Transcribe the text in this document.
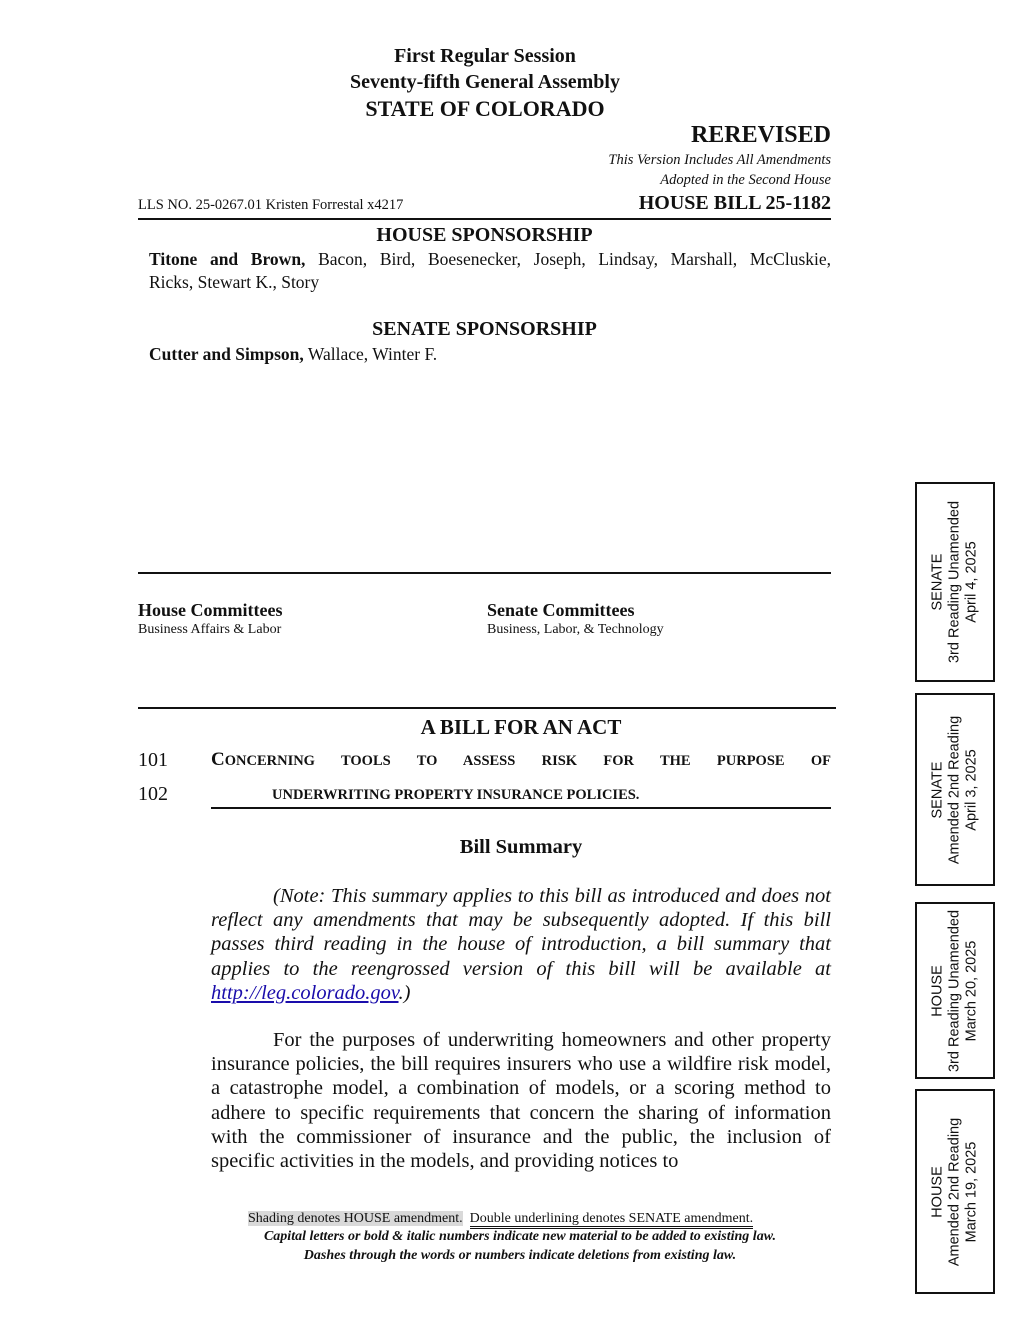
First Regular Session
Seventy-fifth General Assembly
STATE OF COLORADO
REREVISED
This Version Includes All Amendments
Adopted in the Second House
LLS NO. 25-0267.01 Kristen Forrestal x4217	HOUSE BILL 25-1182
HOUSE SPONSORSHIP
Titone and Brown, Bacon, Bird, Boesenecker, Joseph, Lindsay, Marshall, McCluskie,
Ricks, Stewart K., Story
SENATE SPONSORSHIP
Cutter and Simpson, Wallace, Winter F.
House Committees
Business Affairs & Labor
Senate Committees
Business, Labor, & Technology
A BILL FOR AN ACT
101 CONCERNING TOOLS TO ASSESS RISK FOR THE PURPOSE OF
102	UNDERWRITING PROPERTY INSURANCE POLICIES.
Bill Summary

(Note: This summary applies to this bill as introduced and does not reflect any amendments that may be subsequently adopted. If this bill passes third reading in the house of introduction, a bill summary that applies to the reengrossed version of this bill will be available at http://leg.colorado.gov.)

For the purposes of underwriting homeowners and other property insurance policies, the bill requires insurers who use a wildfire risk model, a catastrophe model, a combination of models, or a scoring method to adhere to specific requirements that concern the sharing of information with the commissioner of insurance and the public, the inclusion of specific activities in the models, and providing notices to

Shading denotes HOUSE amendment. Double underlining denotes SENATE amendment.
Capital letters or bold & italic numbers indicate new material to be added to existing law.
Dashes through the words or numbers indicate deletions from existing law.
SENATE 3rd Reading Unamended April 4, 2025
SENATE Amended 2nd Reading April 3, 2025
HOUSE 3rd Reading Unamended March 20, 2025
HOUSE Amended 2nd Reading March 19, 2025
